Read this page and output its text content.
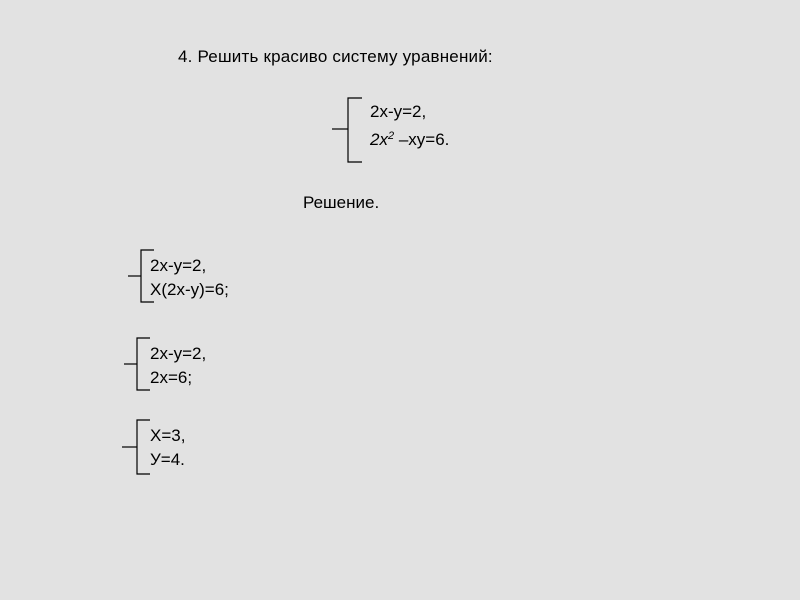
4. Решить красиво систему уравнений:
2x-y=2,
$2x^2$ –xy=6.
Решение.
2x-y=2,
X(2x-y)=6;
2x-y=2,
2x=6;
X=3,
У=4.
